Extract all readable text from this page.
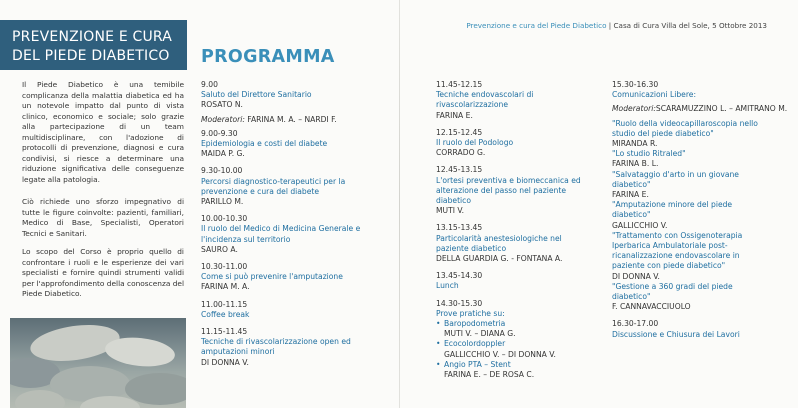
PREVENZIONE E CURA
DEL PIEDE DIABETICO
Il Piede Diabetico è una temibile complicanza della malattia diabetica ed ha un notevole impatto dal punto di vista clinico, economico e sociale; solo grazie alla partecipazione di un team multidisciplinare, con l'adozione di protocolli di prevenzione, diagnosi e cura condivisi, si riesce a determinare una riduzione significativa delle conseguenze legate alla patologia.
Ciò richiede uno sforzo impegnativo di tutte le figure coinvolte: pazienti, familiari, Medico di Base, Specialisti, Operatori Tecnici e Sanitari.
Lo scopo del Corso è proprio quello di confrontare i ruoli e le esperienze dei vari specialisti e fornire quindi strumenti validi per l'approfondimento della conoscenza del Piede Diabetico.
PROGRAMMA
9.00
Saluto del Direttore Sanitario
ROSATO N.
Moderatori: FARINA M. A. – NARDI F.
9.00-9.30
Epidemiologia e costi del diabete
MAIDA P. G.
9.30-10.00
Percorsi diagnostico-terapeutici per la prevenzione e cura del diabete
PARILLO M.
10.00-10.30
Il ruolo del Medico di Medicina Generale e l'incidenza sul territorio
SAURO A.
10.30-11.00
Come si può prevenire l'amputazione
FARINA M. A.
11.00-11.15
Coffee break
11.15-11.45
Tecniche di rivascolarizzazione open ed amputazioni minori
DI DONNA V.
Prevenzione e cura del Piede Diabetico | Casa di Cura Villa del Sole, 5 Ottobre 2013
11.45-12.15
Tecniche endovascolari di rivascolarizzazione
FARINA E.
12.15-12.45
Il ruolo del Podologo
CORRADO G.
12.45-13.15
L'ortesi preventiva e biomeccanica ed alterazione del passo nel paziente diabetico
MUTI V.
13.15-13.45
Particolarità anestesiologiche nel paziente diabetico
DELLA GUARDIA G. - FONTANA A.
13.45-14.30
Lunch
14.30-15.30
Prove pratiche su:
• Baropodometria
MUTI V. – DIANA G.
• Ecocolordoppler
GALLICCHIO V. – DI DONNA V.
• Angio PTA – Stent
FARINA E. – DE ROSA C.
15.30-16.30
Comunicazioni Libere:
Moderatori:SCARAMUZZINO L. – AMITRANO M.
"Ruolo della videocapillaroscopia nello studio del piede diabetico"
MIRANDA R.
"Lo studio Ritraled"
FARINA B. L.
"Salvataggio d'arto in un giovane diabetico"
FARINA E.
"Amputazione minore del piede diabetico"
GALLICCHIO V.
"Trattamento con Ossigenoterapia Iperbarica Ambulatoriale post-ricanalizzazione endovascolare in paziente con piede diabetico"
DI DONNA V.
"Gestione a 360 gradi del piede diabetico"
F. CANNAVACCIUOLO
16.30-17.00
Discussione e Chiusura dei Lavori
